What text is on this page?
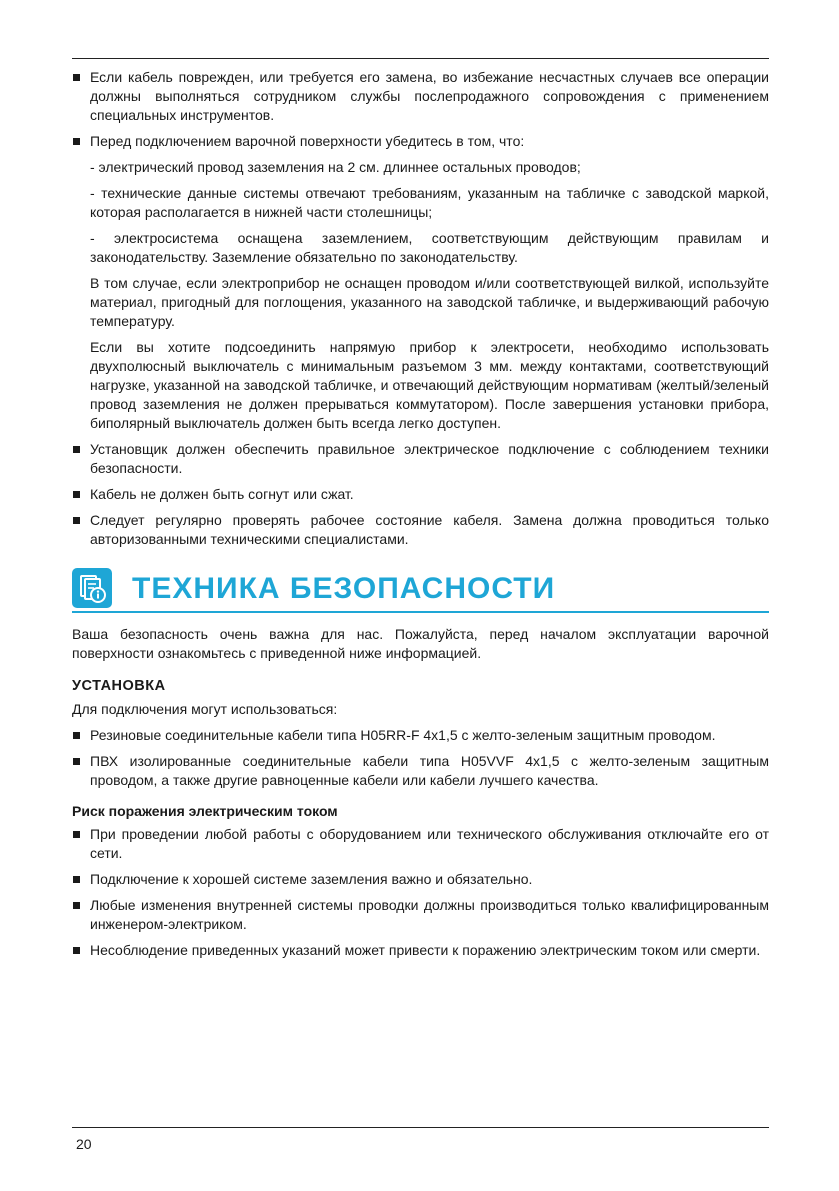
Если кабель поврежден, или требуется его замена, во избежание несчастных случаев все операции должны выполняться сотрудником службы послепродажного сопровождения с применением специальных инструментов.

Перед подключением варочной поверхности убедитесь в том, что:

- электрический провод заземления на 2 см. длиннее остальных проводов;

- технические данные системы отвечают требованиям, указанным на табличке с заводской маркой, которая располагается в нижней части столешницы;

- электросистема оснащена заземлением, соответствующим действующим правилам и законодательству. Заземление обязательно по законодательству.

В том случае, если электроприбор не оснащен проводом и/или соответствующей вилкой, используйте материал, пригодный для поглощения, указанного на заводской табличке, и выдерживающий рабочую температуру.

Если вы хотите подсоединить напрямую прибор к электросети, необходимо использовать двухполюсный выключатель с минимальным разъемом 3 мм. между контактами, соответствующий нагрузке, указанной на заводской табличке, и отвечающий действующим нормативам (желтый/зеленый провод заземления не должен прерываться коммутатором). После завершения установки прибора, биполярный выключатель должен быть всегда легко доступен.

Установщик должен обеспечить правильное электрическое подключение с соблюдением техники безопасности.

Кабель не должен быть согнут или сжат.

Следует регулярно проверять рабочее состояние кабеля. Замена должна проводиться только авторизованными техническими специалистами.

ТЕХНИКА БЕЗОПАСНОСТИ

Ваша безопасность очень важна для нас. Пожалуйста, перед началом эксплуатации варочной поверхности ознакомьтесь с приведенной ниже информацией.

УСТАНОВКА

Для подключения могут использоваться:

Резиновые соединительные кабели типа H05RR-F 4x1,5 с желто-зеленым защитным проводом.

ПВХ изолированные соединительные кабели типа H05VVF 4x1,5 с желто-зеленым защитным проводом, а также другие равноценные кабели или кабели лучшего качества.

Риск поражения электрическим током

При проведении любой работы с оборудованием или технического обслуживания отключайте его от сети.

Подключение к хорошей системе заземления важно и обязательно.

Любые изменения внутренней системы проводки должны производиться только квалифицированным инженером-электриком.

Несоблюдение приведенных указаний может привести к поражению электрическим током или смерти.

20
